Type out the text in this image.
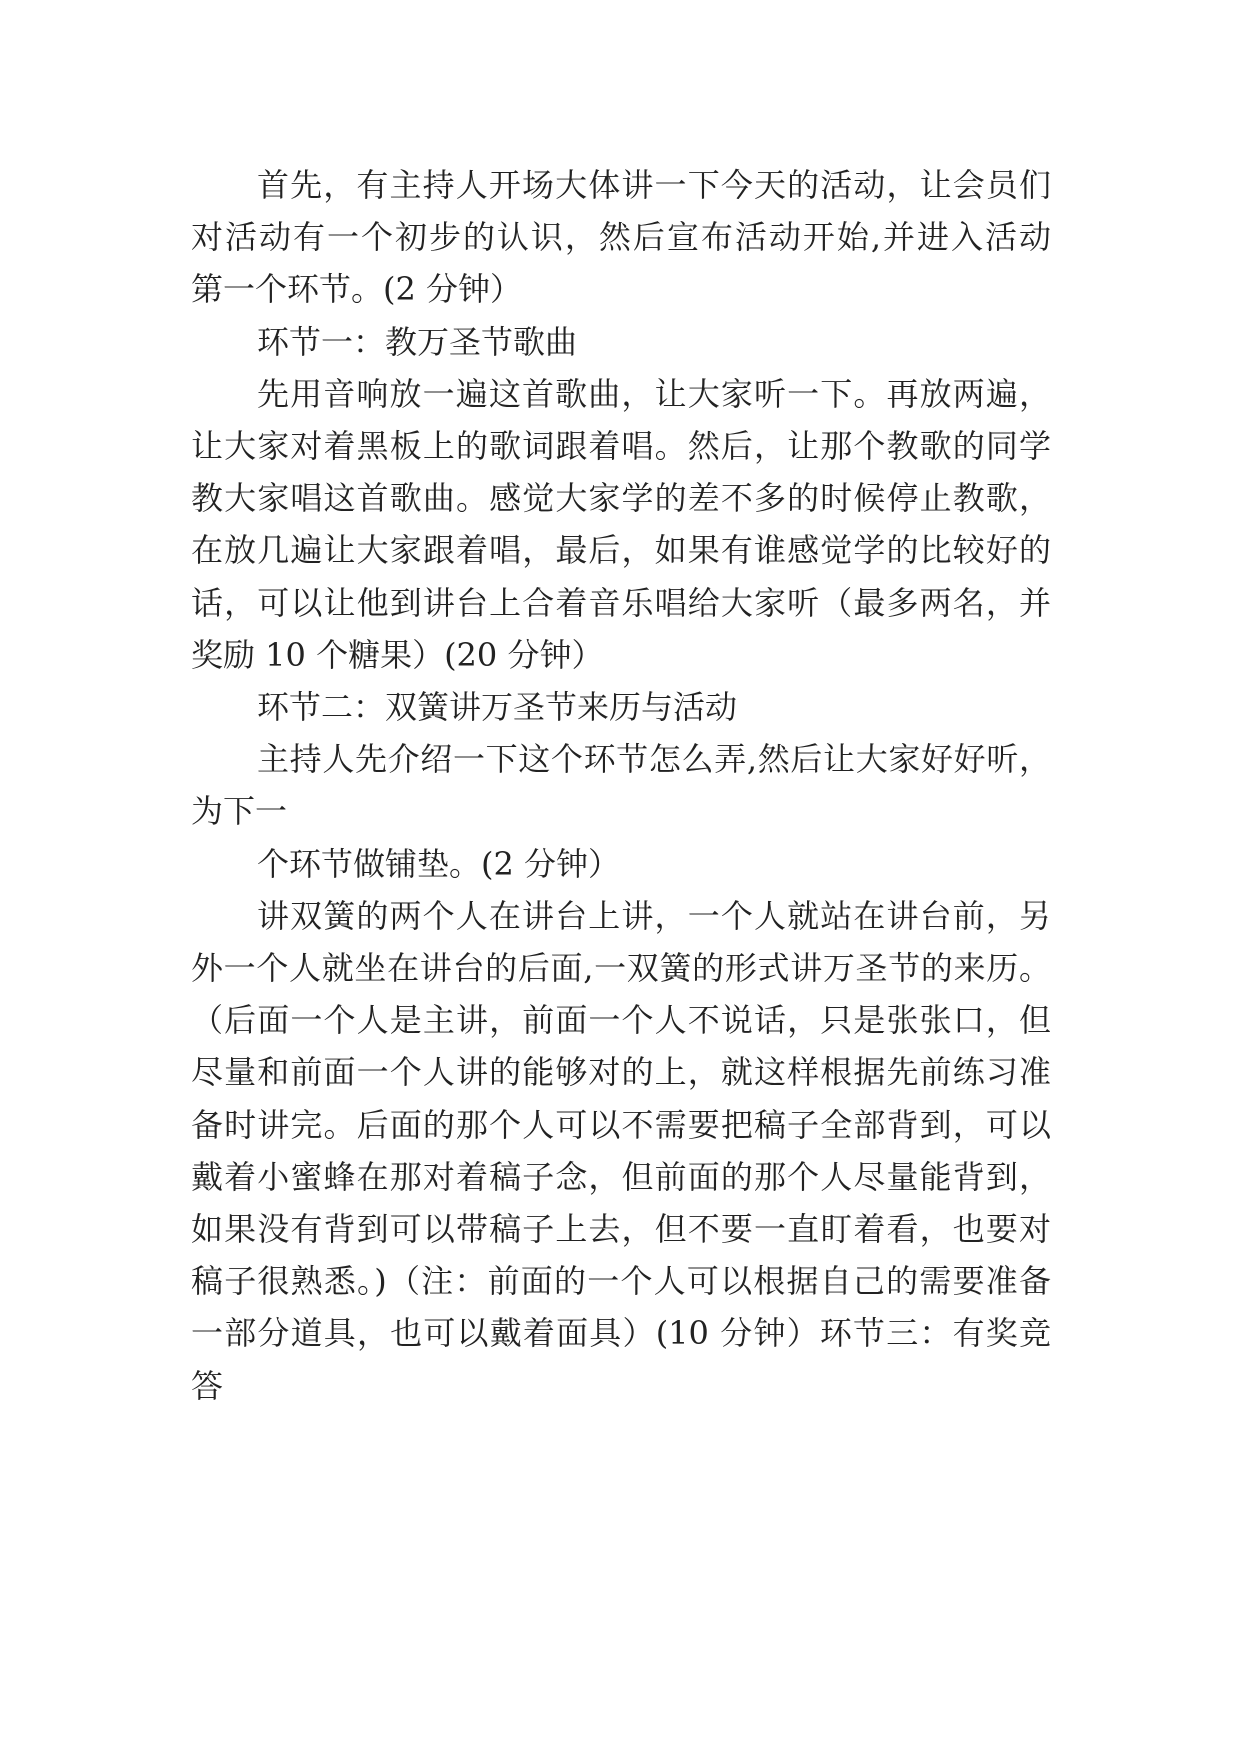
首先，有主持人开场大体讲一下今天的活动，让会员们
对活动有一个初步的认识，然后宣布活动开始,并进入活动
第一个环节。(2 分钟）
环节一：教万圣节歌曲
先用音响放一遍这首歌曲，让大家听一下。再放两遍，
让大家对着黑板上的歌词跟着唱。然后，让那个教歌的同学
教大家唱这首歌曲。感觉大家学的差不多的时候停止教歌，
在放几遍让大家跟着唱，最后，如果有谁感觉学的比较好的
话，可以让他到讲台上合着音乐唱给大家听（最多两名，并
奖励 10 个糖果）(20 分钟）
环节二：双簧讲万圣节来历与活动
主持人先介绍一下这个环节怎么弄,然后让大家好好听，
为下一
个环节做铺垫。(2 分钟）
讲双簧的两个人在讲台上讲，一个人就站在讲台前，另
外一个人就坐在讲台的后面,一双簧的形式讲万圣节的来历。
（后面一个人是主讲，前面一个人不说话，只是张张口，但
尽量和前面一个人讲的能够对的上，就这样根据先前练习准
备时讲完。后面的那个人可以不需要把稿子全部背到，可以
戴着小蜜蜂在那对着稿子念，但前面的那个人尽量能背到，
如果没有背到可以带稿子上去，但不要一直盯着看，也要对
稿子很熟悉。)（注：前面的一个人可以根据自己的需要准备
一部分道具，也可以戴着面具）(10 分钟）环节三：有奖竞
答
